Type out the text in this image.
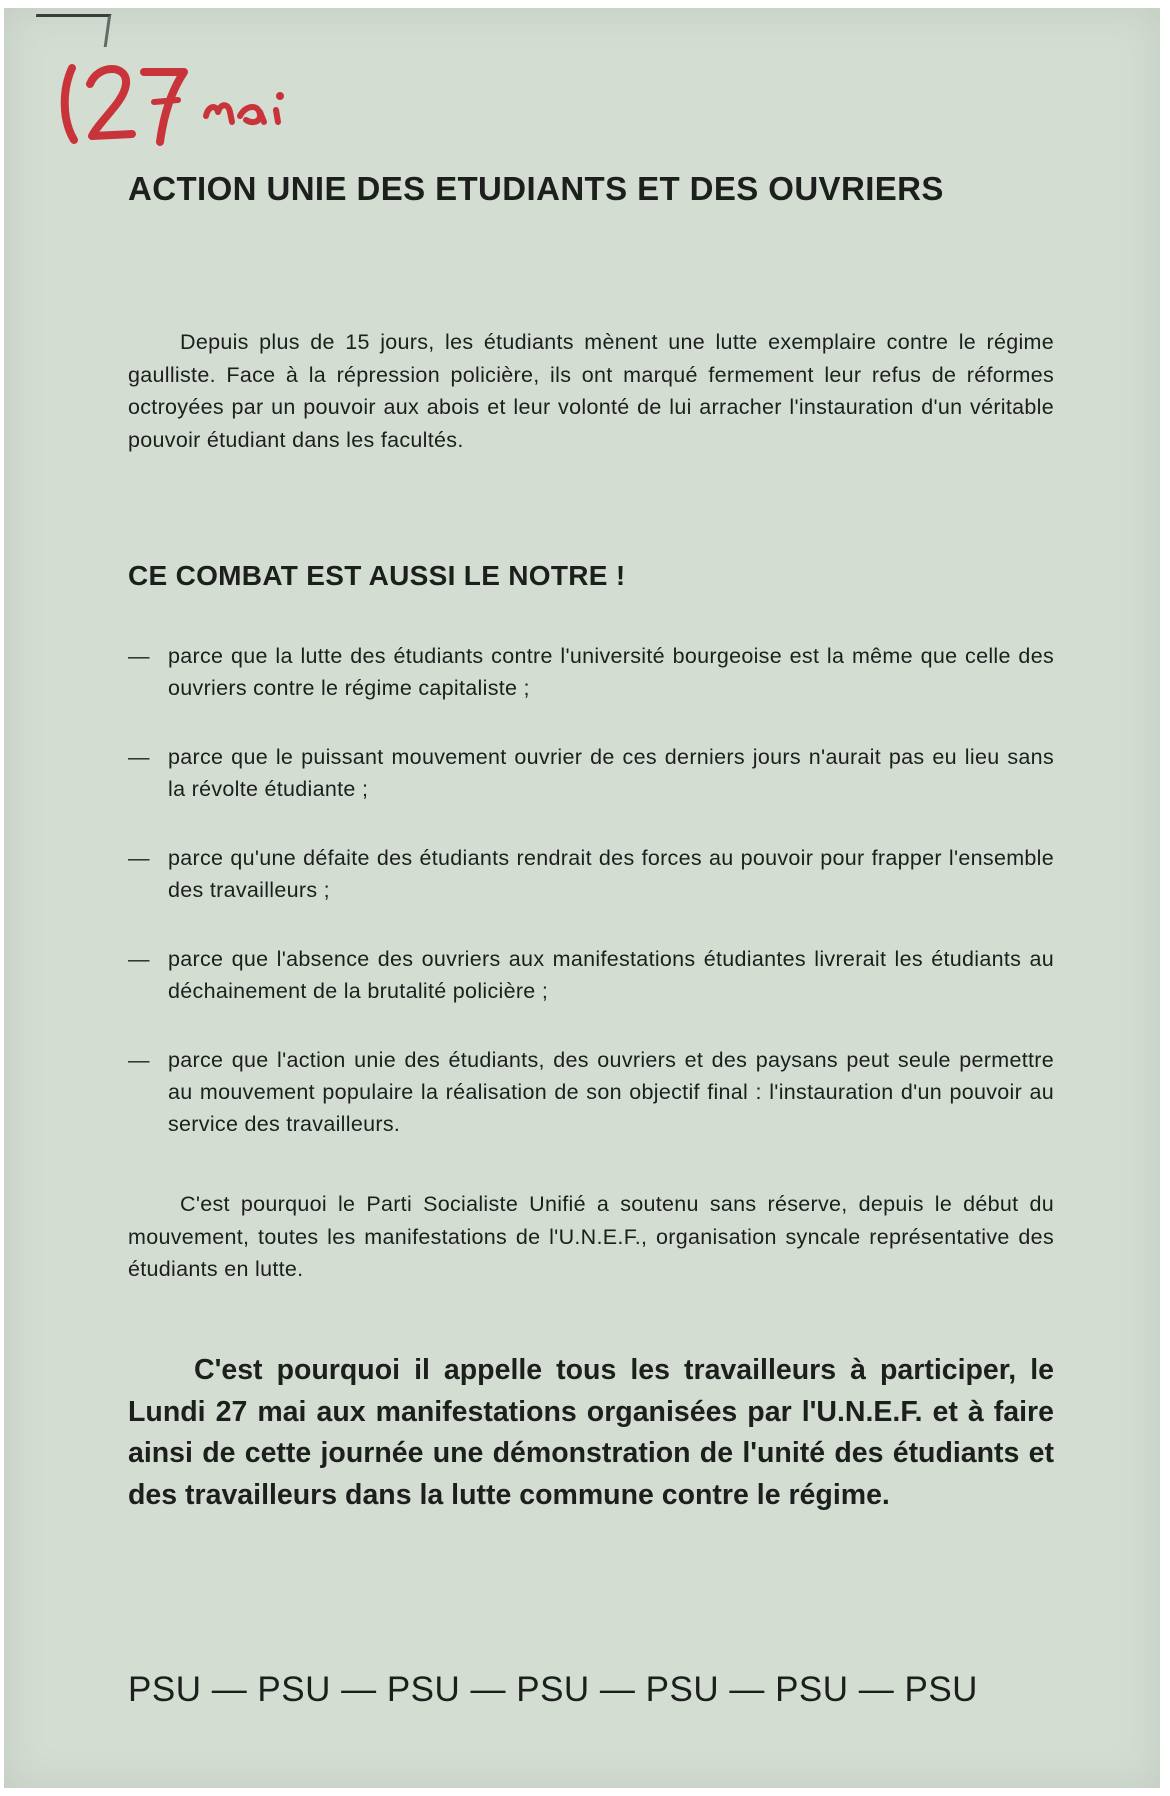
ACTION UNIE DES ETUDIANTS ET DES OUVRIERS

Depuis plus de 15 jours, les étudiants mènent une lutte exemplaire contre le régime gaulliste. Face à la répression policière, ils ont marqué fermement leur refus de réformes octroyées par un pouvoir aux abois et leur volonté de lui arracher l'instauration d'un véritable pouvoir étudiant dans les facultés.

CE COMBAT EST AUSSI LE NOTRE !
— parce que la lutte des étudiants contre l'université bourgeoise est la même que celle des ouvriers contre le régime capitaliste ;
— parce que le puissant mouvement ouvrier de ces derniers jours n'aurait pas eu lieu sans la révolte étudiante ;
— parce qu'une défaite des étudiants rendrait des forces au pouvoir pour frapper l'ensemble des travailleurs ;
— parce que l'absence des ouvriers aux manifestations étudiantes livrerait les étudiants au déchainement de la brutalité policière ;
— parce que l'action unie des étudiants, des ouvriers et des paysans peut seule permettre au mouvement populaire la réalisation de son objectif final : l'instauration d'un pouvoir au service des travailleurs.

C'est pourquoi le Parti Socialiste Unifié a soutenu sans réserve, depuis le début du mouvement, toutes les manifestations de l'U.N.E.F., organisation syncale représentative des étudiants en lutte.

C'est pourquoi il appelle tous les travailleurs à participer, le Lundi 27 mai aux manifestations organisées par l'U.N.E.F. et à faire ainsi de cette journée une démonstration de l'unité des étudiants et des travailleurs dans la lutte commune contre le régime.

PSU — PSU — PSU — PSU — PSU — PSU — PSU
